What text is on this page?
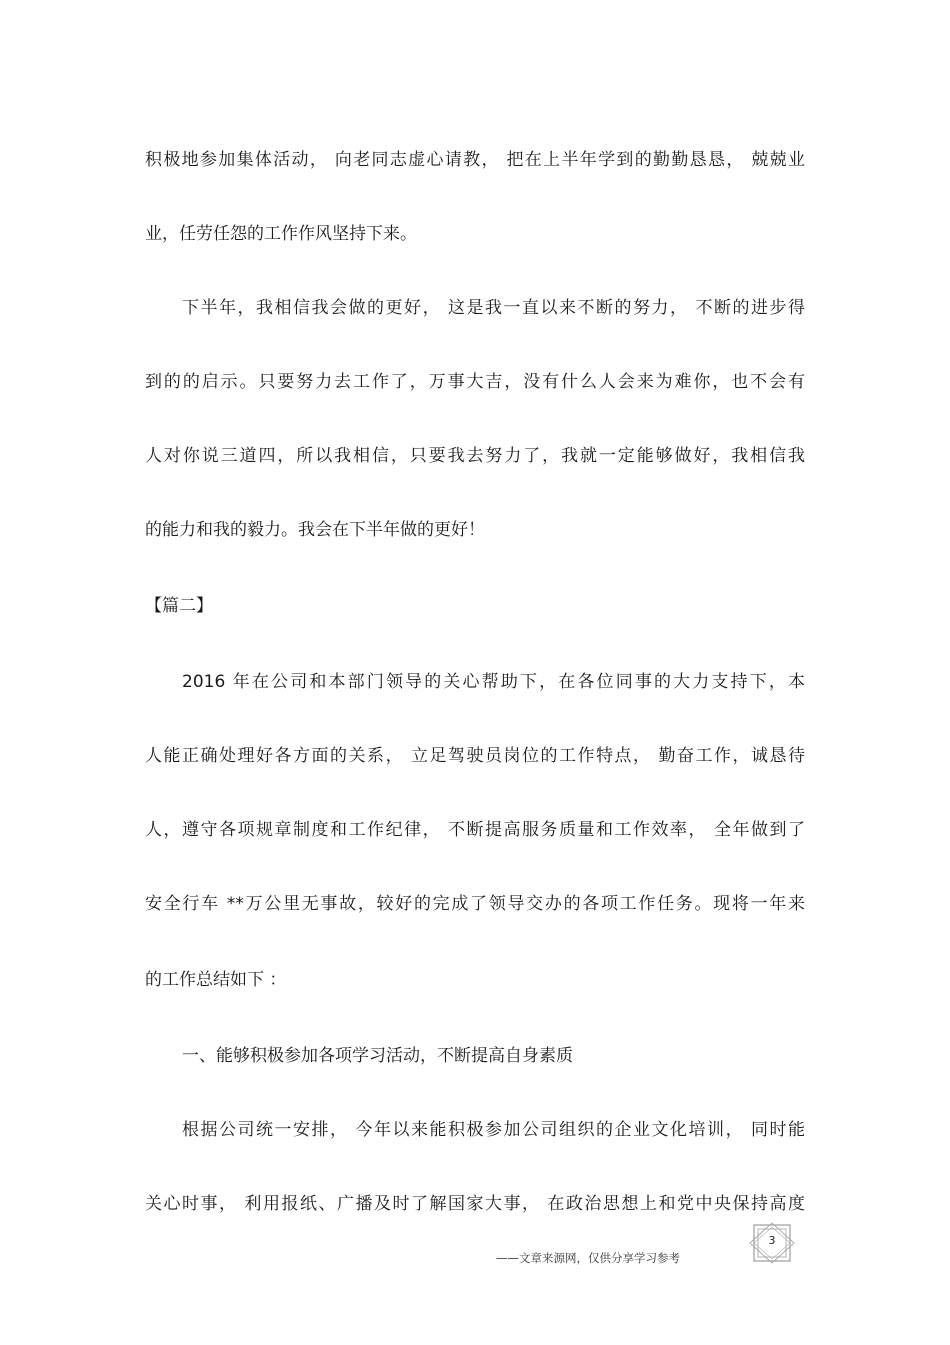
积极地参加集体活动， 向老同志虚心请教， 把在上半年学到的勤勤恳恳， 兢兢业
业，任劳任怨的工作作风坚持下来。
下半年，我相信我会做的更好， 这是我一直以来不断的努力， 不断的进步得
到的的启示。只要努力去工作了，万事大吉，没有什么人会来为难你，也不会有
人对你说三道四，所以我相信，只要我去努力了，我就一定能够做好，我相信我
的能力和我的毅力。我会在下半年做的更好！
【篇二】
2016 年在公司和本部门领导的关心帮助下，在各位同事的大力支持下，本
人能正确处理好各方面的关系， 立足驾驶员岗位的工作特点， 勤奋工作，诚恳待
人，遵守各项规章制度和工作纪律， 不断提高服务质量和工作效率， 全年做到了
安全行车 **万公里无事故，较好的完成了领导交办的各项工作任务。现将一年来
的工作总结如下 ：
一、能够积极参加各项学习活动，不断提高自身素质
根据公司统一安排， 今年以来能积极参加公司组织的企业文化培训， 同时能
关心时事， 利用报纸、广播及时了解国家大事， 在政治思想上和党中央保持高度
3
——文章来源网，仅供分享学习参考
